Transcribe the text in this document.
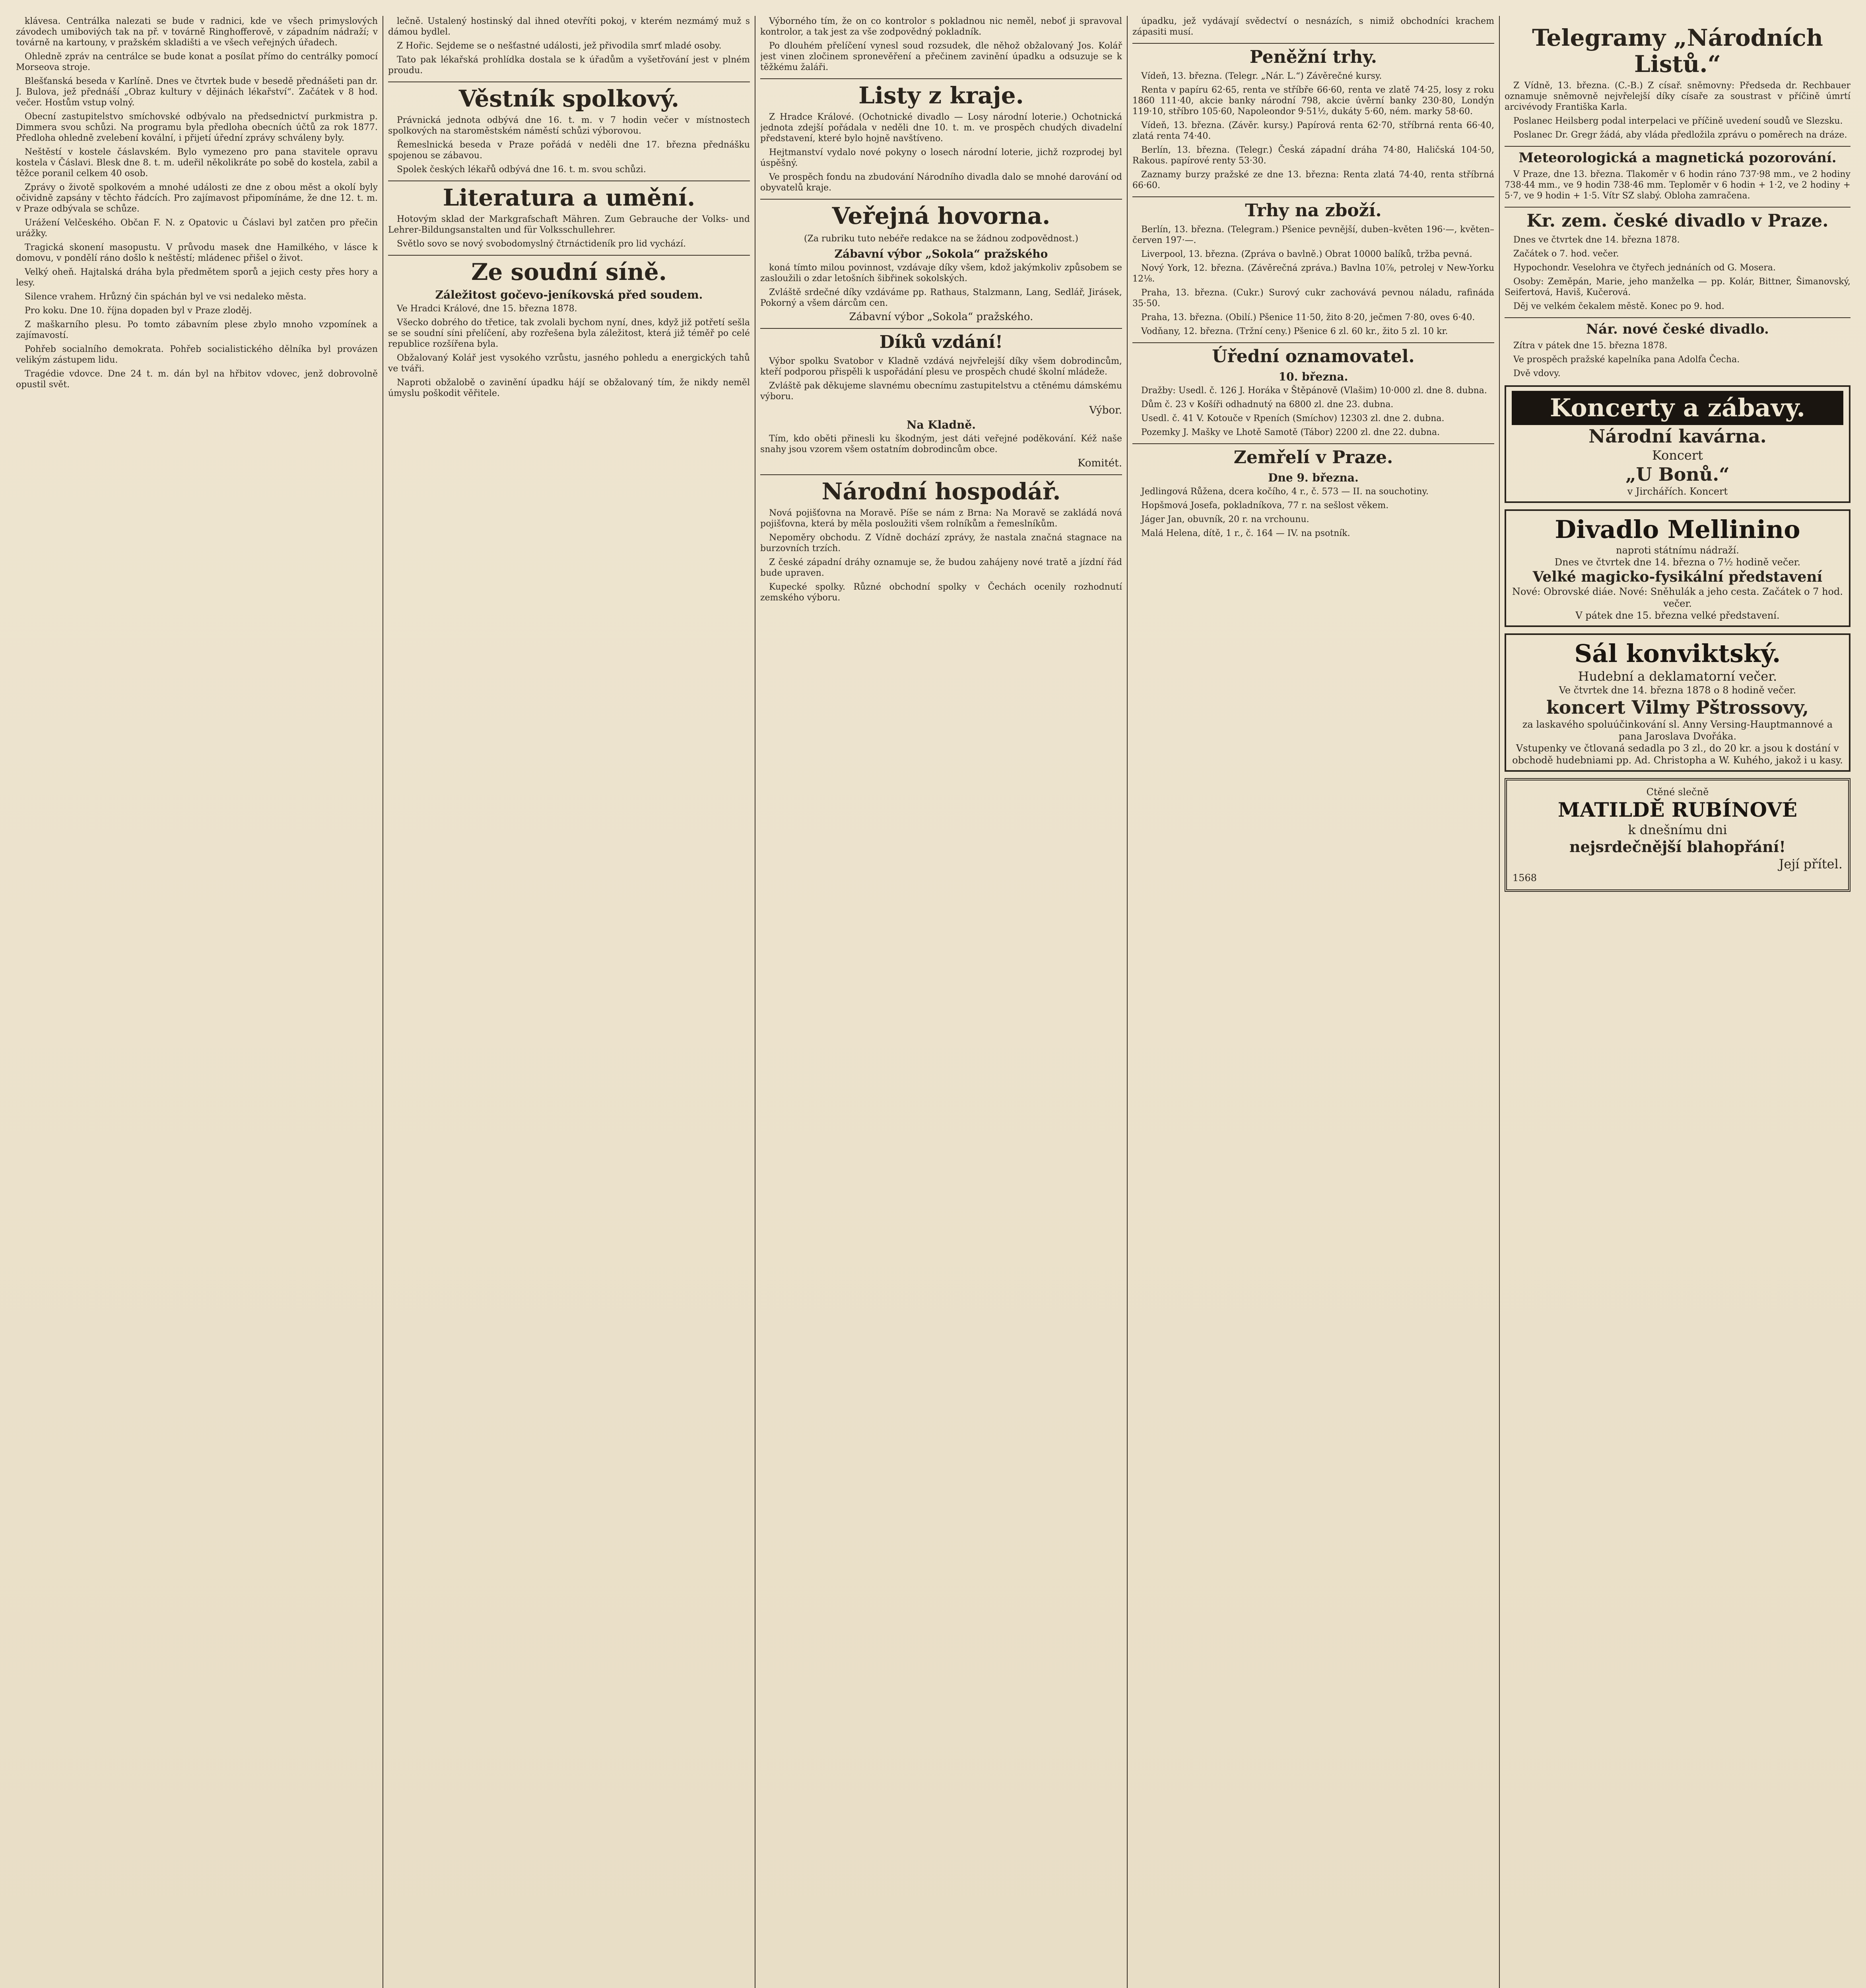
klávesa. Centrálka nalezati se bude v radnici, kde ve všech primyslových závodech umiboviých tak na př. v továrně Ringhofferově, v západním nádraží; v továrně na kartouny, v pražském skladišti a ve všech veřejných úřadech.

Ohledně zpráv na centrálce se bude konat a posílat přímo do centrálky pomocí Morseova stroje.

Blešťanská beseda v Karlíně. Dnes ve čtvrtek bude v besedě přednášeti pan dr. J. Bulova, jež přednáší „Obraz kultury v dějinách lékařství“. Začátek v 8 hod. večer. Hostům vstup volný.

Obecní zastupitelstvo smíchovské odbývalo na předsednictví purkmistra p. Dimmera svou schůzi. Na programu byla předloha obecních účtů za rok 1877. Předloha ohledně zvelebení kovální, i přijetí úřední zprávy schváleny byly.

Neštěstí v kostele čáslavském. Bylo vymezeno pro pana stavitele opravu kostela v Čáslavi. Blesk dne 8. t. m. udeřil několikráte po sobě do kostela, zabil a těžce poranil celkem 40 osob.

Zprávy o životě spolkovém a mnohé události ze dne z obou měst a okolí byly očividně zapsány v těchto řádcích. Pro zajímavost připomínáme, že dne 12. t. m. v Praze odbývala se schůze.

Urážení Velčeského. Občan F. N. z Opatovic u Čáslavi byl zatčen pro přečin urážky.

Tragická skonení masopustu. V průvodu masek dne Hamilkého, v lásce k domovu, v pondělí ráno došlo k neštěstí; mládenec přišel o život.

Velký oheň. Hajtalská dráha byla předmětem sporů a jejich cesty přes hory a lesy.

Silence vrahem. Hrůzný čin spáchán byl ve vsi nedaleko města.

Pro koku. Dne 10. října dopaden byl v Praze zloděj.

Z maškarního plesu. Po tomto zábavním plese zbylo mnoho vzpomínek a zajímavostí.

Pohřeb socialního demokrata. Pohřeb socialistického dělníka byl provázen velikým zástupem lidu.

Tragédie vdovce. Dne 24 t. m. dán byl na hřbitov vdovec, jenž dobrovolně opustil svět.

lečně. Ustalený hostinský dal ihned otevříti pokoj, v kterém nezmámý muž s dámou bydlel.

Z Hořic. Sejdeme se o nešťastné události, jež přivodila smrť mladé osoby.

Tato pak lékařská prohlídka dostala se k úřadům a vyšetřování jest v plném proudu.

Věstník spolkový.

Právnická jednota odbývá dne 16. t. m. v 7 hodin večer v místnostech spolkových na staroměstském náměstí schůzi výborovou.

Řemeslnická beseda v Praze pořádá v neděli dne 17. března přednášku spojenou se zábavou.

Spolek českých lékařů odbývá dne 16. t. m. svou schůzi.

Literatura a umění.

Hotovým sklad der Markgrafschaft Mähren. Zum Gebrauche der Volks- und Lehrer-Bildungsanstalten und für Volksschullehrer.

Světlo sovo se nový svobodomyslný čtrnáctideník pro lid vychází.

Ze soudní síně.
Záležitost gočevo-jeníkovská před soudem.

Ve Hradci Králové, dne 15. března 1878.

Všecko dobrého do třetice, tak zvolali bychom nyní, dnes, když již potřetí sešla se se soudní síni přelíčení, aby rozřešena byla záležitost, která již téměř po celé republice rozšířena byla.

Obžalovaný Kolář jest vysokého vzrůstu, jasného pohledu a energických tahů ve tváři.

Naproti obžalobě o zavinění úpadku hájí se obžalovaný tím, že nikdy neměl úmyslu poškodit věřitele.

Výborného tím, že on co kontrolor s pokladnou nic neměl, neboť ji spravoval kontrolor, a tak jest za vše zodpovědný pokladník.

Po dlouhém přelíčení vynesl soud rozsudek, dle něhož obžalovaný Jos. Kolář jest vinen zločinem spronevěření a přečinem zavinění úpadku a odsuzuje se k těžkému žaláři.

Listy z kraje.

Z Hradce Králové. (Ochotnické divadlo — Losy národní loterie.) Ochotnická jednota zdejší pořádala v neděli dne 10. t. m. ve prospěch chudých divadelní představení, které bylo hojně navštíveno.

Hejtmanství vydalo nové pokyny o losech národní loterie, jichž rozprodej byl úspěšný.

Ve prospěch fondu na zbudování Národního divadla dalo se mnohé darování od obyvatelů kraje.

Veřejná hovorna.
(Za rubriku tuto nebéře redakce na se žádnou zodpovědnost.)
Zábavní výbor „Sokola“ pražského

koná tímto milou povinnost, vzdávaje díky všem, kdož jakýmkoliv způsobem se zasloužili o zdar letošních šibřinek sokolských.

Zvláště srdečné díky vzdáváme pp. Rathaus, Stalzmann, Lang, Sedlář, Jirásek, Pokorný a všem dárcům cen.

Zábavní výbor „Sokola“ pražského.
Díků vzdání!

Výbor spolku Svatobor v Kladně vzdává nejvřelejší díky všem dobrodincům, kteří podporou přispěli k uspořádání plesu ve prospěch chudé školní mládeže.

Zvláště pak děkujeme slavnému obecnímu zastupitelstvu a ctěnému dámskému výboru.

Výbor.
Na Kladně.

Tím, kdo oběti přinesli ku škodným, jest dáti veřejné poděkování. Kéž naše snahy jsou vzorem všem ostatním dobrodincům obce.

Komitét.
Národní hospodář.

Nová pojišťovna na Moravě. Píše se nám z Brna: Na Moravě se zakládá nová pojišťovna, která by měla posloužiti všem rolníkům a řemeslníkům.

Nepoměry obchodu. Z Vídně dochází zprávy, že nastala značná stagnace na burzovních trzích.

Z české západní dráhy oznamuje se, že budou zahájeny nové tratě a jízdní řád bude upraven.

Kupecké spolky. Různé obchodní spolky v Čechách ocenily rozhodnutí zemského výboru.

úpadku, jež vydávají svědectví o nesnázích, s nimiž obchodníci krachem zápasiti musí.

Peněžní trhy.

Vídeň, 13. března. (Telegr. „Nár. L.“) Závěrečné kursy.

Renta v papíru 62·65, renta ve stříbře 66·60, renta ve zlatě 74·25, losy z roku 1860 111·40, akcie banky národní 798, akcie úvěrní banky 230·80, Londýn 119·10, stříbro 105·60, Napoleondor 9·51½, dukáty 5·60, ném. marky 58·60.

Vídeň, 13. března. (Závěr. kursy.) Papírová renta 62·70, stříbrná renta 66·40, zlatá renta 74·40.

Berlín, 13. března. (Telegr.) Česká západní dráha 74·80, Haličská 104·50, Rakous. papírové renty 53·30.

Zaznamy burzy pražské ze dne 13. března: Renta zlatá 74·40, renta stříbrná 66·60.

Trhy na zboží.

Berlín, 13. března. (Telegram.) Pšenice pevnější, duben–květen 196·—, květen–červen 197·—.

Liverpool, 13. března. (Zpráva o bavlně.) Obrat 10000 balíků, tržba pevná.

Nový York, 12. března. (Závěrečná zpráva.) Bavlna 10⅞, petrolej v New-Yorku 12⅛.

Praha, 13. března. (Cukr.) Surový cukr zachovává pevnou náladu, rafináda 35·50.

Praha, 13. března. (Obilí.) Pšenice 11·50, žito 8·20, ječmen 7·80, oves 6·40.

Vodňany, 12. března. (Tržní ceny.) Pšenice 6 zl. 60 kr., žito 5 zl. 10 kr.

Úřední oznamovatel.
10. března.

Dražby: Usedl. č. 126 J. Horáka v Štěpánově (Vlašim) 10·000 zl. dne 8. dubna.

Dům č. 23 v Košíři odhadnutý na 6800 zl. dne 23. dubna.

Usedl. č. 41 V. Kotouče v Rpeních (Smíchov) 12303 zl. dne 2. dubna.

Pozemky J. Mašky ve Lhotě Samotě (Tábor) 2200 zl. dne 22. dubna.

Zemřelí v Praze.
Dne 9. března.

Jedlingová Růžena, dcera kočího, 4 r., č. 573 — II. na souchotiny.

Hopšmová Josefa, pokladníkova, 77 r. na sešlost věkem.

Jáger Jan, obuvník, 20 r. na vrchounu.

Malá Helena, dítě, 1 r., č. 164 — IV. na psotník.

Telegramy „Národních Listů.“

Z Vídně, 13. března. (C.-B.) Z císař. sněmovny: Předseda dr. Rechbauer oznamuje sněmovně nejvřelejší díky císaře za soustrast v příčině úmrtí arcivévody Františka Karla.

Poslanec Heilsberg podal interpelaci ve příčině uvedení soudů ve Slezsku.

Poslanec Dr. Gregr žádá, aby vláda předložila zprávu o poměrech na dráze.

Meteorologická a magnetická pozorování.

V Praze, dne 13. března. Tlakoměr v 6 hodin ráno 737·98 mm., ve 2 hodiny 738·44 mm., ve 9 hodin 738·46 mm. Teploměr v 6 hodin + 1·2, ve 2 hodiny + 5·7, ve 9 hodin + 1·5. Vítr SZ slabý. Obloha zamračena.

Kr. zem. české divadlo v Praze.

Dnes ve čtvrtek dne 14. března 1878.

Začátek o 7. hod. večer.

Hypochondr. Veselohra ve čtyřech jednáních od G. Mosera.

Osoby: Zeměpán, Marie, jeho manželka — pp. Kolár, Bittner, Šimanovský, Seifertová, Haviš, Kučerová.

Děj ve velkém čekalem městě. Konec po 9. hod.

Nár. nové české divadlo.

Zítra v pátek dne 15. března 1878.

Ve prospěch pražské kapelníka pana Adolfa Čecha.

Dvě vdovy.

Koncerty a zábavy.
Národní kavárna.
Koncert
„U Bonů.“
v Jirchářích. Koncert
Divadlo Mellinino
naproti státnímu nádraží.
Dnes ve čtvrtek dne 14. března o 7½ hodině večer.
Velké magicko-fysikální představení
Nové: Obrovské diáe. Nové: Sněhulák a jeho cesta. Začátek o 7 hod. večer.
V pátek dne 15. března velké představení.
Sál konviktský.
Hudební a deklamatorní večer.
Ve čtvrtek dne 14. března 1878 o 8 hodině večer.
koncert Vilmy Pštrossovy,
za laskavého spoluúčinkování sl. Anny Versing-Hauptmannové a pana Jaroslava Dvořáka.
Vstupenky ve čtlovaná sedadla po 3 zl., do 20 kr. a jsou k dostání v obchodě hudebniami pp. Ad. Christopha a W. Kuhého, jakož i u kasy.
Ctěné slečně
MATILDĚ RUBÍNOVÉ
k dnešnímu dni
nejsrdečnější blahopřání!
Její přítel.
1568
